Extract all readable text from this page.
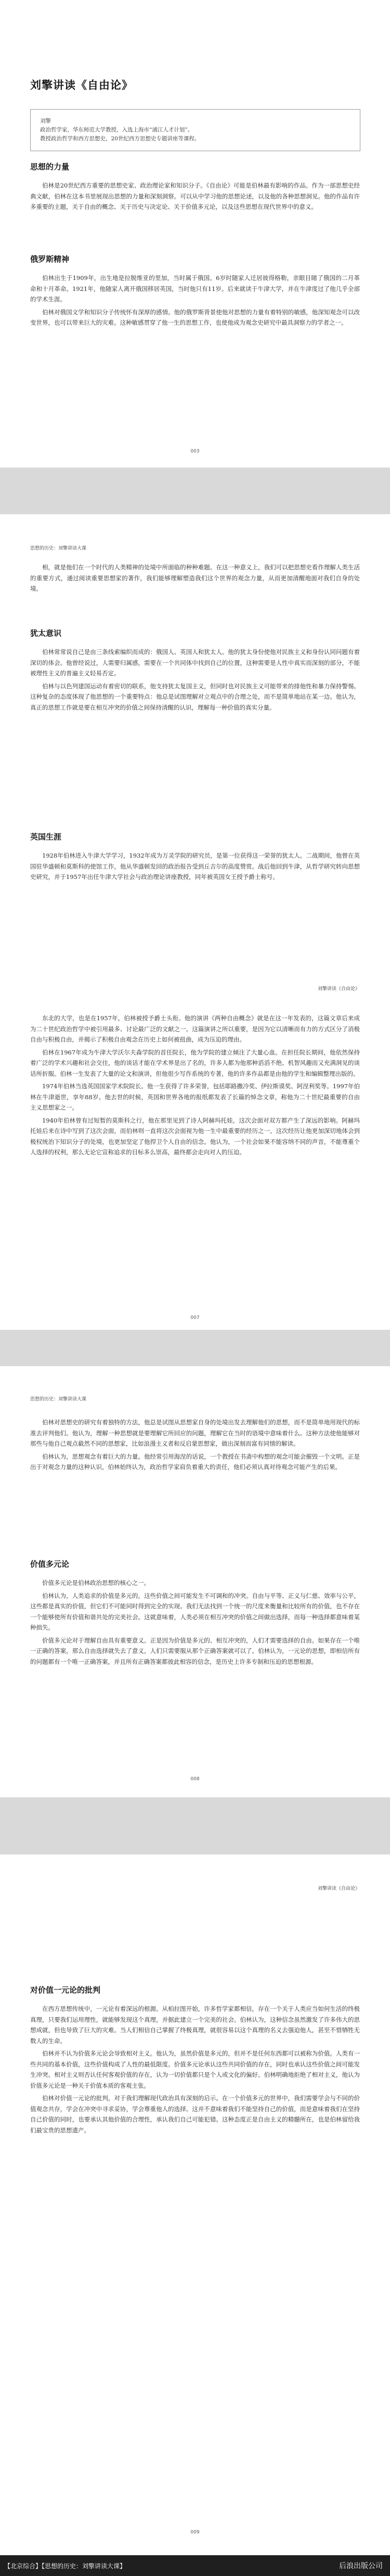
刘擎讲读《自由论》
刘擎
政治哲学家，华东师范大学教授，入选上海市“浦江人才计划”。
教授政治哲学和西方思想史，20世纪西方思想史专题讲座等课程。
思想的力量

伯林是20世纪西方重要的思想史家、政治理论家和知识分子。《自由论》可能是伯林最有影响的作品。作为一部思想史经典文献，伯林在这本书里展现出思想的力量和深刻洞察。可以从中学习他的思想论述，以及他的各种思想洞见。他的作品有许多重要的主题，关于自由的概念、关于历史与决定论、关于价值多元论，以及这些思想在现代世界中的意义。

俄罗斯精神

伯林出生于1909年，出生地是拉脱维亚的里加，当时属于俄国。6岁时随家人迁居彼得格勒，亲眼目睹了俄国的二月革命和十月革命。1921年，他随家人离开俄国移居英国，当时他只有11岁。后来就读于牛津大学，并在牛津度过了他几乎全部的学术生涯。

伯林对俄国文学和知识分子传统怀有深厚的感情。他的俄罗斯背景使他对思想的力量有着特别的敏感，他深知观念可以改变世界，也可以带来巨大的灾难。这种敏感贯穿了他一生的思想工作，也使他成为观念史研究中最具洞察力的学者之一。

003
思想的历史：刘擎讲读大课

相，就是他们在一个时代的人类精神的处境中所面临的种种难题。在这一种意义上，我们可以把思想史看作理解人类生活的重要方式，通过阅读重要思想家的著作，我们能够理解塑造我们这个世界的观念力量，从而更加清醒地面对我们自身的处境。

犹太意识

伯林常常说自己是由三条线索编织而成的：俄国人、英国人和犹太人。他的犹太身份使他对民族主义和身份认同问题有着深切的体会。他曾经说过，人需要归属感，需要在一个共同体中找到自己的位置，这种需要是人性中真实而深刻的部分，不能被理性主义的普遍主义轻易否定。

伯林与以色列建国运动有着密切的联系，他支持犹太复国主义，但同时也对民族主义可能带来的排他性和暴力保持警惕。这种复杂的态度体现了他思想的一个重要特点：他总是试图理解对立观点中的合理之处，而不是简单地站在某一边。他认为，真正的思想工作就是要在相互冲突的价值之间保持清醒的认识，理解每一种价值的真实分量。

英国生涯

1928年伯林进入牛津大学学习，1932年成为万灵学院的研究员，是第一位获得这一荣誉的犹太人。二战期间，他曾在英国驻华盛顿和莫斯科的使馆工作，他从华盛顿发回的政治报告受到丘吉尔的高度赞赏。战后他回到牛津，从哲学研究转向思想史研究，并于1957年出任牛津大学社会与政治理论讲座教授，同年被英国女王授予爵士称号。

刘擎讲读《自由论》

东北的大学，也是在1957年，伯林被授予爵士头衔。他的演讲《两种自由概念》就是在这一年发表的，这篇文章后来成为二十世纪政治哲学中被引用最多、讨论最广泛的文献之一。这篇演讲之所以重要，是因为它以清晰而有力的方式区分了消极自由与积极自由，并揭示了积极自由观念在历史上如何被扭曲，成为压迫的理由。

伯林在1967年成为牛津大学沃尔夫森学院的首任院长，他为学院的建立倾注了大量心血。在担任院长期间，他依然保持着广泛的学术兴趣和社会交往，他的谈话才能在学术界是出了名的，许多人都为他那种滔滔不绝、机智风趣而又充满洞见的谈话所折服。伯林一生发表了大量的论文和演讲，但他很少写作系统的专著，他的许多作品都是由他的学生和编辑整理出版的。

1974年伯林当选英国国家学术院院长。他一生获得了许多荣誉，包括耶路撒冷奖、伊拉斯谟奖、阿涅利奖等。1997年伯林在牛津逝世，享年88岁。他去世的时候，英国和世界各地的报纸都发表了长篇的悼念文章，称他为二十世纪最重要的自由主义思想家之一。

1940年伯林曾有过短暂的莫斯科之行，他在那里见到了诗人阿赫玛托娃，这次会面对双方都产生了深远的影响。阿赫玛托娃后来在诗中写到了这次会面，而伯林则一直将这次会面视为他一生中最重要的经历之一。这次经历让他更加深切地体会到极权统治下知识分子的处境，也更加坚定了他捍卫个人自由的信念。他认为，一个社会如果不能容纳不同的声音，不能尊重个人选择的权利，那么无论它宣称追求的目标多么崇高，最终都会走向对人的压迫。

007
思想的历史：刘擎讲读大课

伯林对思想史的研究有着独特的方法，他总是试图从思想家自身的处境出发去理解他们的思想，而不是简单地用现代的标准去评判他们。他认为，理解一种思想就是要理解它所回应的问题，理解它在当时的语境中意味着什么。这种方法使他能够对那些与他自己观点截然不同的思想家，比如浪漫主义者和反启蒙思想家，做出深刻而富有同情的解读。

伯林认为，思想观念有着巨大的力量。他经常引用海涅的话说，一个教授在书斋中构想的观念可能会摧毁一个文明。正是出于对观念力量的这种认识，伯林始终认为，政治哲学家肩负着重大的责任，他们必须认真对待观念可能产生的后果。

价值多元论

价值多元论是伯林政治思想的核心之一。

伯林认为，人类追求的价值是多元的，这些价值之间可能发生不可调和的冲突。自由与平等、正义与仁慈、效率与公平，这些都是真实的价值，但它们不可能同时得到完全的实现。我们无法找到一个统一的尺度来衡量和比较所有的价值，也不存在一个能够使所有价值和谐共处的完美社会。这就意味着，人类必须在相互冲突的价值之间做出选择，而每一种选择都意味着某种损失。

价值多元论对于理解自由具有重要意义。正是因为价值是多元的、相互冲突的，人们才需要选择的自由。如果存在一个唯一正确的答案，那么自由选择就失去了意义，人们只需要服从那个正确答案就可以了。伯林认为，一元论的思想，即相信所有的问题都有一个唯一正确答案，并且所有正确答案都彼此相容的信念，是历史上许多专制和压迫的思想根源。

008
刘擎讲读《自由论》
对价值一元论的批判

在西方思想传统中，一元论有着深远的根源。从柏拉图开始，许多哲学家都相信，存在一个关于人类应当如何生活的终极真理，只要我们运用理性，就能够发现这个真理，并据此建立一个完美的社会。伯林认为，这种信念虽然激发了许多伟大的思想成就，但也导致了巨大的灾难。当人们相信自己掌握了终极真理，就很容易以这个真理的名义去强迫他人，甚至不惜牺牲无数人的生命。

伯林并不认为价值多元论会导致相对主义。他认为，虽然价值是多元的，但并不是任何东西都可以被称为价值。人类有一些共同的基本价值，这些价值构成了人性的最低限度。价值多元论承认这些共同价值的存在，同时也承认这些价值之间可能发生冲突。相对主义则否认任何客观价值的存在，认为一切价值都只是个人或文化的偏好。伯林明确地拒绝了相对主义，他认为价值多元论是一种关于价值本质的客观主张。

伯林对价值一元论的批判，对于我们理解现代政治具有深刻的启示。在一个价值多元的世界中，我们需要学会与不同的价值观念共存，学会在冲突中寻求妥协，学会尊重他人的选择。这并不意味着我们不能坚持自己的价值，而是意味着我们在坚持自己价值的同时，也要承认其他价值的合理性，承认我们自己可能犯错。这种态度正是自由主义的精髓所在，也是伯林留给我们最宝贵的思想遗产。

009
【北京综合】【思想的历史：刘擎讲读大课】	后浪出版公司
